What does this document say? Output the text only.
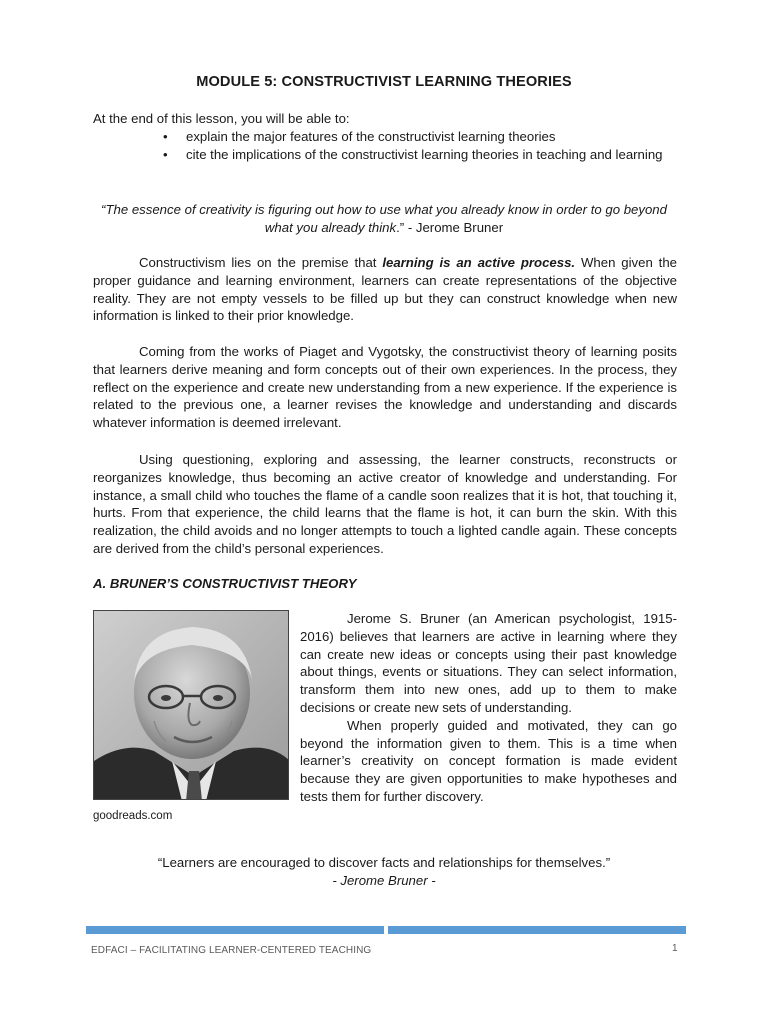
MODULE 5: CONSTRUCTIVIST LEARNING THEORIES
At the end of this lesson, you will be able to:
• explain the major features of the constructivist learning theories
• cite the implications of the constructivist learning theories in teaching and learning
“The essence of creativity is figuring out how to use what you already know in order to go beyond what you already think.” - Jerome Bruner
Constructivism lies on the premise that learning is an active process. When given the proper guidance and learning environment, learners can create representations of the objective reality. They are not empty vessels to be filled up but they can construct knowledge when new information is linked to their prior knowledge.
Coming from the works of Piaget and Vygotsky, the constructivist theory of learning posits that learners derive meaning and form concepts out of their own experiences. In the process, they reflect on the experience and create new understanding from a new experience. If the experience is related to the previous one, a learner revises the knowledge and understanding and discards whatever information is deemed irrelevant.
Using questioning, exploring and assessing, the learner constructs, reconstructs or reorganizes knowledge, thus becoming an active creator of knowledge and understanding. For instance, a small child who touches the flame of a candle soon realizes that it is hot, that touching it, hurts. From that experience, the child learns that the flame is hot, it can burn the skin. With this realization, the child avoids and no longer attempts to touch a lighted candle again. These concepts are derived from the child’s personal experiences.
A. BRUNER’S CONSTRUCTIVIST THEORY
goodreads.com

Jerome S. Bruner (an American psychologist, 1915-2016) believes that learners are active in learning where they can create new ideas or concepts using their past knowledge about things, events or situations. They can select information, transform them into new ones, add up to them to make decisions or create new sets of understanding.

When properly guided and motivated, they can go beyond the information given to them. This is a time when learner’s creativity on concept formation is made evident because they are given opportunities to make hypotheses and tests them for further discovery.

“Learners are encouraged to discover facts and relationships for themselves.”
- Jerome Bruner -
EDFACI – FACILITATING LEARNER-CENTERED TEACHING	1
